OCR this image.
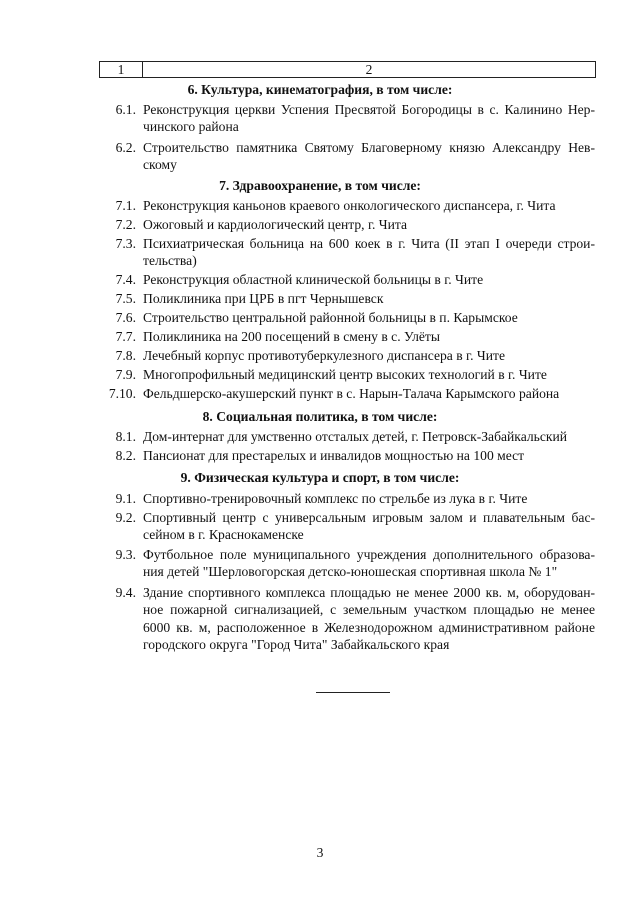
1	2
6. Культура, кинематография, в том числе:
6.1. Реконструкция церкви Успения Пресвятой Богородицы в с. Калинино Нер-чинского района
6.2. Строительство памятника Святому Благоверному князю Александру Нев-скому
7. Здравоохранение, в том числе:
7.1. Реконструкция каньонов краевого онкологического диспансера, г. Чита
7.2. Ожоговый и кардиологический центр, г. Чита
7.3. Психиатрическая больница на 600 коек в г. Чита (II этап I очереди строи-тельства)
7.4. Реконструкция областной клинической больницы в г. Чите
7.5. Поликлиника при ЦРБ в пгт Чернышевск
7.6. Строительство центральной районной больницы в п. Карымское
7.7. Поликлиника на 200 посещений в смену в с. Улёты
7.8. Лечебный корпус противотуберкулезного диспансера в г. Чите
7.9. Многопрофильный медицинский центр высоких технологий в г. Чите
7.10. Фельдшерско-акушерский пункт в с. Нарын-Талача Карымского района
8. Социальная политика, в том числе:
8.1. Дом-интернат для умственно отсталых детей, г. Петровск-Забайкальский
8.2. Пансионат для престарелых и инвалидов мощностью на 100 мест
9. Физическая культура и спорт, в том числе:
9.1. Спортивно-тренировочный комплекс по стрельбе из лука в г. Чите
9.2. Спортивный центр с универсальным игровым залом и плавательным бас-сейном в г. Краснокаменске
9.3. Футбольное поле муниципального учреждения дополнительного образова-ния детей "Шерловогорская детско-юношеская спортивная школа № 1"
9.4. Здание спортивного комплекса площадью не менее 2000 кв. м, оборудован-ное пожарной сигнализацией, с земельным участком площадью не менее 6000 кв. м, расположенное в Железнодорожном административном районе городского округа "Город Чита" Забайкальского края
3
